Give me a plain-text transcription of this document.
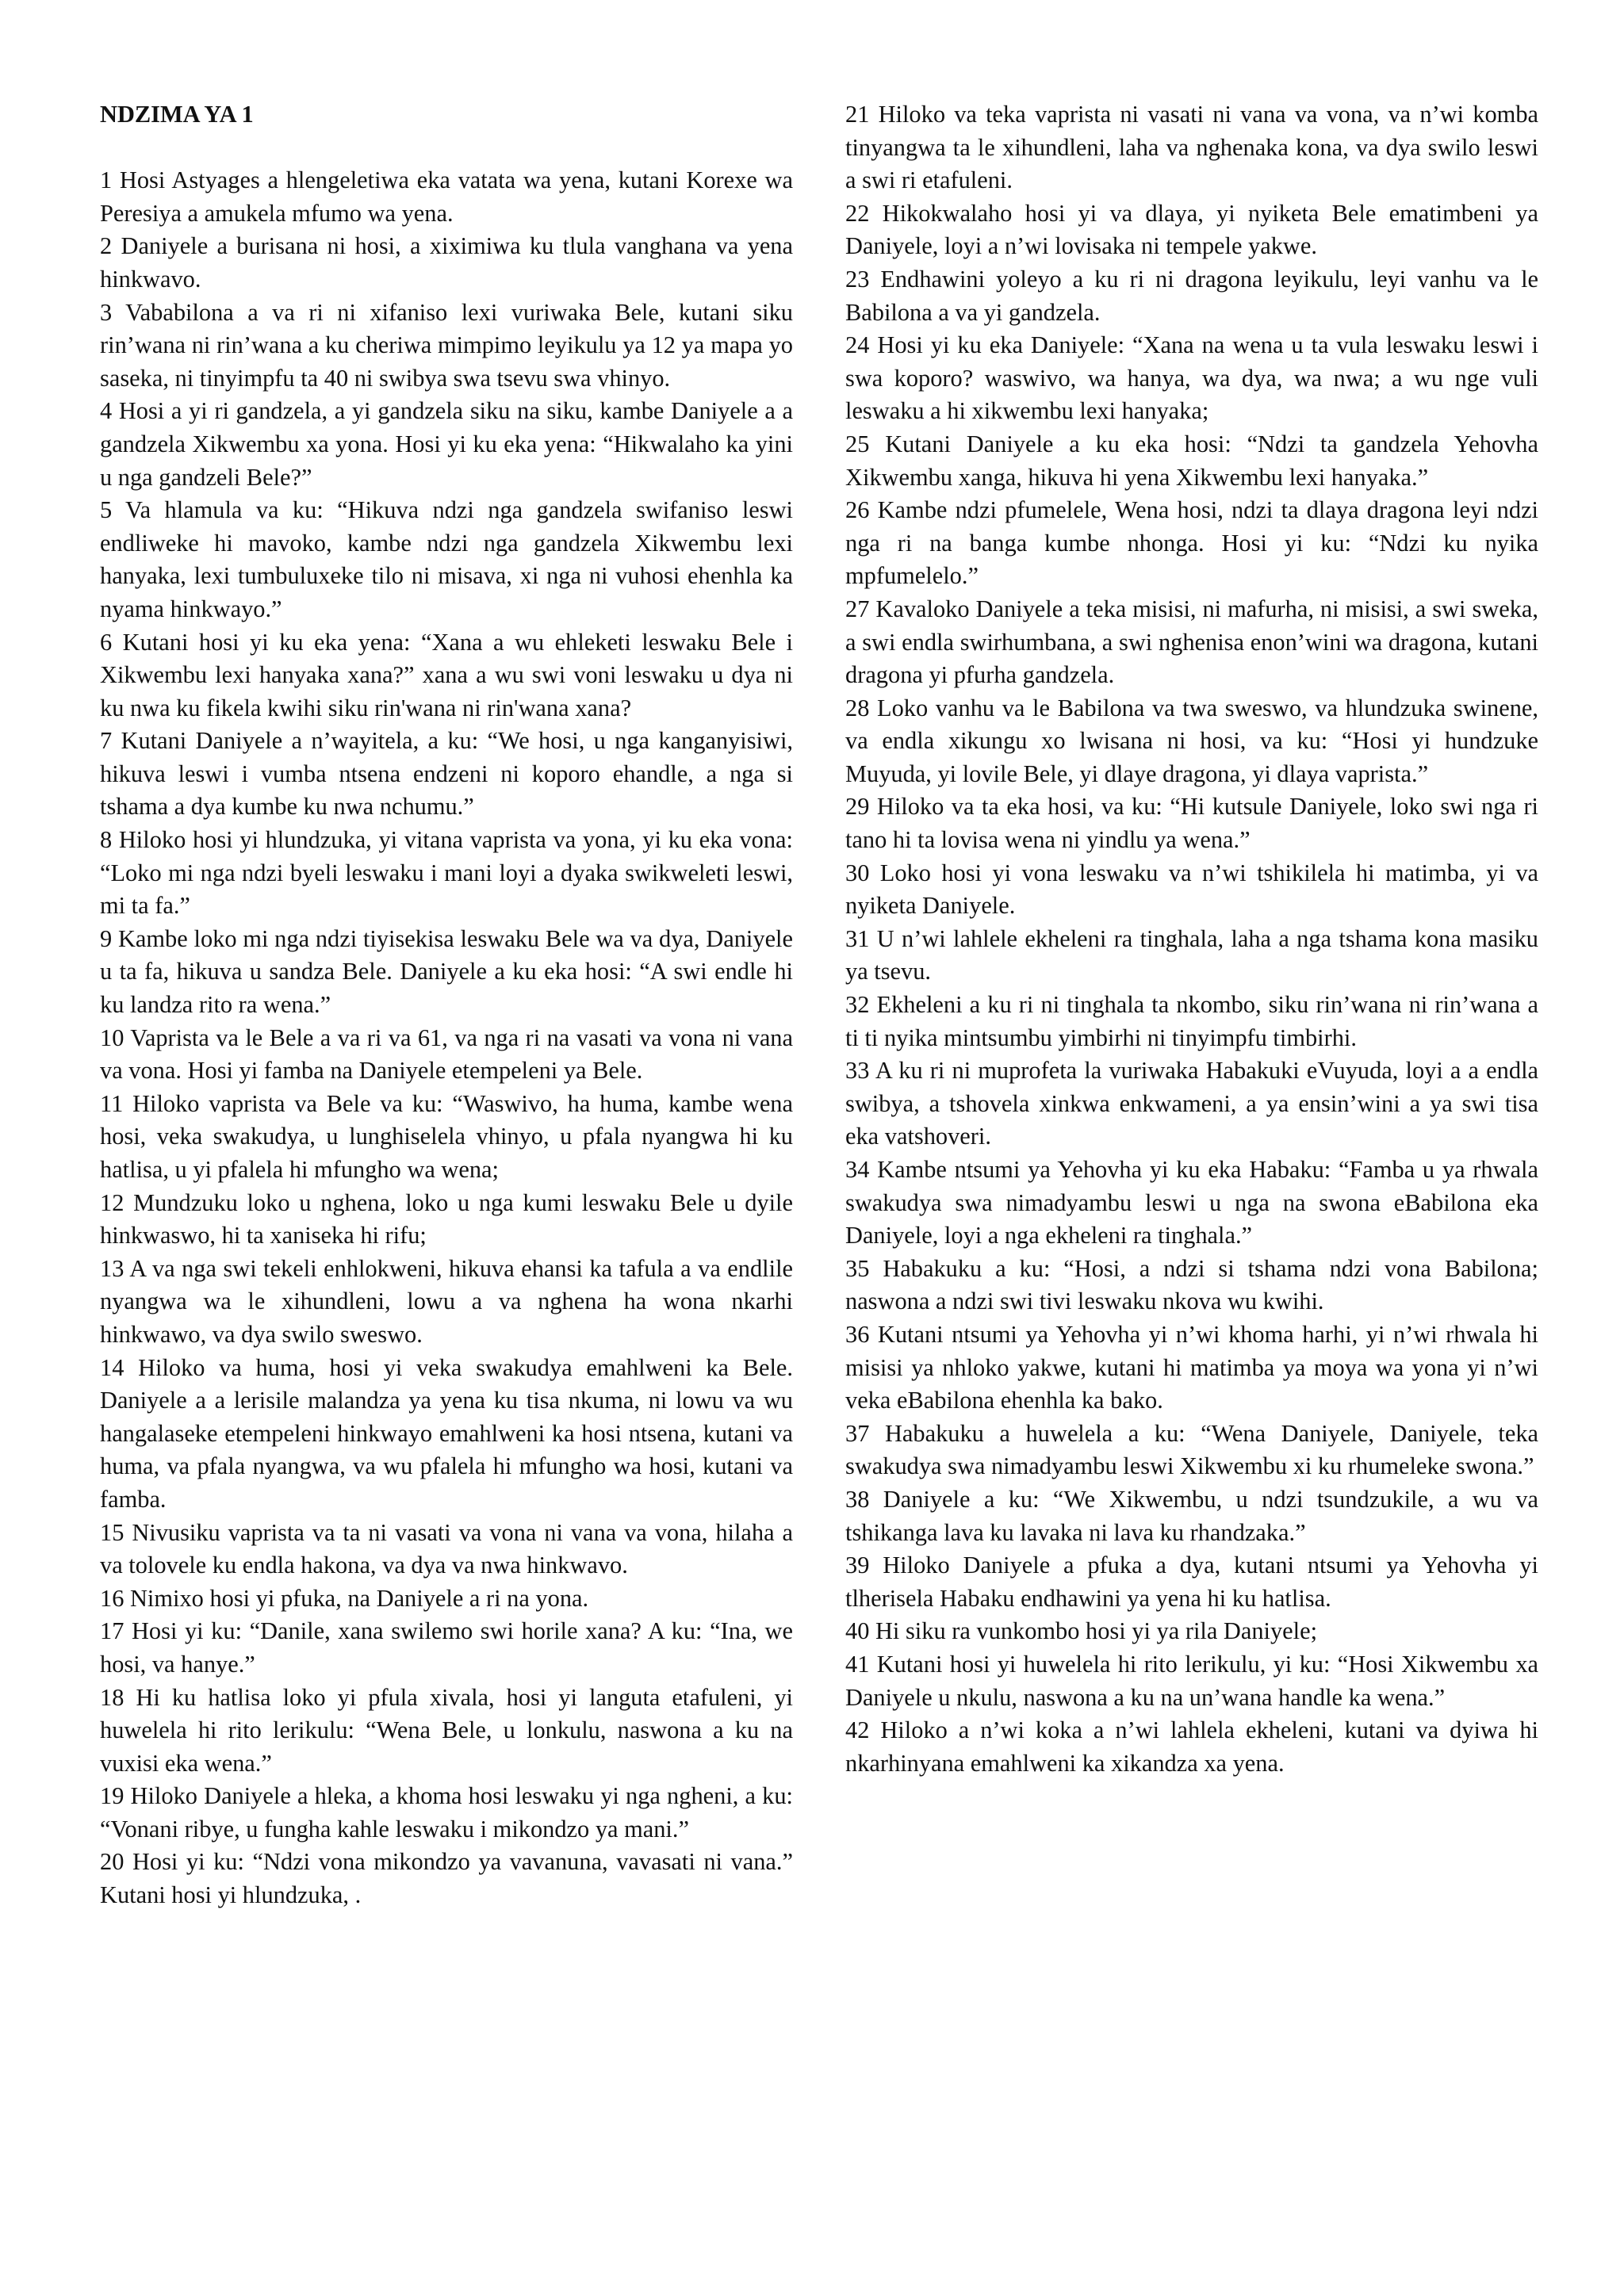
NDZIMA YA 1

1 Hosi Astyages a hlengeletiwa eka vatata wa yena, kutani Korexe wa Peresiya a amukela mfumo wa yena.

2 Daniyele a burisana ni hosi, a xiximiwa ku tlula vanghana va yena hinkwavo.

3 Vababilona a va ri ni xifaniso lexi vuriwaka Bele, kutani siku rin’wana ni rin’wana a ku cheriwa mimpimo leyikulu ya 12 ya mapa yo saseka, ni tinyimpfu ta 40 ni swibya swa tsevu swa vhinyo.

4 Hosi a yi ri gandzela, a yi gandzela siku na siku, kambe Daniyele a a gandzela Xikwembu xa yona. Hosi yi ku eka yena: “Hikwalaho ka yini u nga gandzeli Bele?”

5 Va hlamula va ku: “Hikuva ndzi nga gandzela swifaniso leswi endliweke hi mavoko, kambe ndzi nga gandzela Xikwembu lexi hanyaka, lexi tumbuluxeke tilo ni misava, xi nga ni vuhosi ehenhla ka nyama hinkwayo.”

6 Kutani hosi yi ku eka yena: “Xana a wu ehleketi leswaku Bele i Xikwembu lexi hanyaka xana?” xana a wu swi voni leswaku u dya ni ku nwa ku fikela kwihi siku rin'wana ni rin'wana xana?

7 Kutani Daniyele a n’wayitela, a ku: “We hosi, u nga kanganyisiwi, hikuva leswi i vumba ntsena endzeni ni koporo ehandle, a nga si tshama a dya kumbe ku nwa nchumu.”

8 Hiloko hosi yi hlundzuka, yi vitana vaprista va yona, yi ku eka vona: “Loko mi nga ndzi byeli leswaku i mani loyi a dyaka swikweleti leswi, mi ta fa.”

9 Kambe loko mi nga ndzi tiyisekisa leswaku Bele wa va dya, Daniyele u ta fa, hikuva u sandza Bele. Daniyele a ku eka hosi: “A swi endle hi ku landza rito ra wena.”

10 Vaprista va le Bele a va ri va 61, va nga ri na vasati va vona ni vana va vona. Hosi yi famba na Daniyele etempeleni ya Bele.

11 Hiloko vaprista va Bele va ku: “Waswivo, ha huma, kambe wena hosi, veka swakudya, u lunghiselela vhinyo, u pfala nyangwa hi ku hatlisa, u yi pfalela hi mfungho wa wena;

12 Mundzuku loko u nghena, loko u nga kumi leswaku Bele u dyile hinkwaswo, hi ta xaniseka hi rifu;

13 A va nga swi tekeli enhlokweni, hikuva ehansi ka tafula a va endlile nyangwa wa le xihundleni, lowu a va nghena ha wona nkarhi hinkwawo, va dya swilo sweswo.

14 Hiloko va huma, hosi yi veka swakudya emahlweni ka Bele. Daniyele a a lerisile malandza ya yena ku tisa nkuma, ni lowu va wu hangalaseke etempeleni hinkwayo emahlweni ka hosi ntsena, kutani va huma, va pfala nyangwa, va wu pfalela hi mfungho wa hosi, kutani va famba.

15 Nivusiku vaprista va ta ni vasati va vona ni vana va vona, hilaha a va tolovele ku endla hakona, va dya va nwa hinkwavo.

16 Nimixo hosi yi pfuka, na Daniyele a ri na yona.

17 Hosi yi ku: “Danile, xana swilemo swi horile xana? A ku: “Ina, we hosi, va hanye.”

18 Hi ku hatlisa loko yi pfula xivala, hosi yi languta etafuleni, yi huwelela hi rito lerikulu: “Wena Bele, u lonkulu, naswona a ku na vuxisi eka wena.”

19 Hiloko Daniyele a hleka, a khoma hosi leswaku yi nga ngheni, a ku: “Vonani ribye, u fungha kahle leswaku i mikondzo ya mani.”

20 Hosi yi ku: “Ndzi vona mikondzo ya vavanuna, vavasati ni vana.” Kutani hosi yi hlundzuka, .

21 Hiloko va teka vaprista ni vasati ni vana va vona, va n’wi komba tinyangwa ta le xihundleni, laha va nghenaka kona, va dya swilo leswi a swi ri etafuleni.

22 Hikokwalaho hosi yi va dlaya, yi nyiketa Bele ematimbeni ya Daniyele, loyi a n’wi lovisaka ni tempele yakwe.

23 Endhawini yoleyo a ku ri ni dragona leyikulu, leyi vanhu va le Babilona a va yi gandzela.

24 Hosi yi ku eka Daniyele: “Xana na wena u ta vula leswaku leswi i swa koporo? waswivo, wa hanya, wa dya, wa nwa; a wu nge vuli leswaku a hi xikwembu lexi hanyaka;

25 Kutani Daniyele a ku eka hosi: “Ndzi ta gandzela Yehovha Xikwembu xanga, hikuva hi yena Xikwembu lexi hanyaka.”

26 Kambe ndzi pfumelele, Wena hosi, ndzi ta dlaya dragona leyi ndzi nga ri na banga kumbe nhonga. Hosi yi ku: “Ndzi ku nyika mpfumelelo.”

27 Kavaloko Daniyele a teka misisi, ni mafurha, ni misisi, a swi sweka, a swi endla swirhumbana, a swi nghenisa enon’wini wa dragona, kutani dragona yi pfurha gandzela.

28 Loko vanhu va le Babilona va twa sweswo, va hlundzuka swinene, va endla xikungu xo lwisana ni hosi, va ku: “Hosi yi hundzuke Muyuda, yi lovile Bele, yi dlaye dragona, yi dlaya vaprista.”

29 Hiloko va ta eka hosi, va ku: “Hi kutsule Daniyele, loko swi nga ri tano hi ta lovisa wena ni yindlu ya wena.”

30 Loko hosi yi vona leswaku va n’wi tshikilela hi matimba, yi va nyiketa Daniyele.

31 U n’wi lahlele ekheleni ra tinghala, laha a nga tshama kona masiku ya tsevu.

32 Ekheleni a ku ri ni tinghala ta nkombo, siku rin’wana ni rin’wana a ti ti nyika mintsumbu yimbirhi ni tinyimpfu timbirhi.

33 A ku ri ni muprofeta la vuriwaka Habakuki eVuyuda, loyi a a endla swibya, a tshovela xinkwa enkwameni, a ya ensin’wini a ya swi tisa eka vatshoveri.

34 Kambe ntsumi ya Yehovha yi ku eka Habaku: “Famba u ya rhwala swakudya swa nimadyambu leswi u nga na swona eBabilona eka Daniyele, loyi a nga ekheleni ra tinghala.”

35 Habakuku a ku: “Hosi, a ndzi si tshama ndzi vona Babilona; naswona a ndzi swi tivi leswaku nkova wu kwihi.

36 Kutani ntsumi ya Yehovha yi n’wi khoma harhi, yi n’wi rhwala hi misisi ya nhloko yakwe, kutani hi matimba ya moya wa yona yi n’wi veka eBabilona ehenhla ka bako.

37 Habakuku a huwelela a ku: “Wena Daniyele, Daniyele, teka swakudya swa nimadyambu leswi Xikwembu xi ku rhumeleke swona.”

38 Daniyele a ku: “We Xikwembu, u ndzi tsundzukile, a wu va tshikanga lava ku lavaka ni lava ku rhandzaka.”

39 Hiloko Daniyele a pfuka a dya, kutani ntsumi ya Yehovha yi tlherisela Habaku endhawini ya yena hi ku hatlisa.

40 Hi siku ra vunkombo hosi yi ya rila Daniyele;

41 Kutani hosi yi huwelela hi rito lerikulu, yi ku: “Hosi Xikwembu xa Daniyele u nkulu, naswona a ku na un’wana handle ka wena.”

42 Hiloko a n’wi koka a n’wi lahlela ekheleni, kutani va dyiwa hi nkarhinyana emahlweni ka xikandza xa yena.
